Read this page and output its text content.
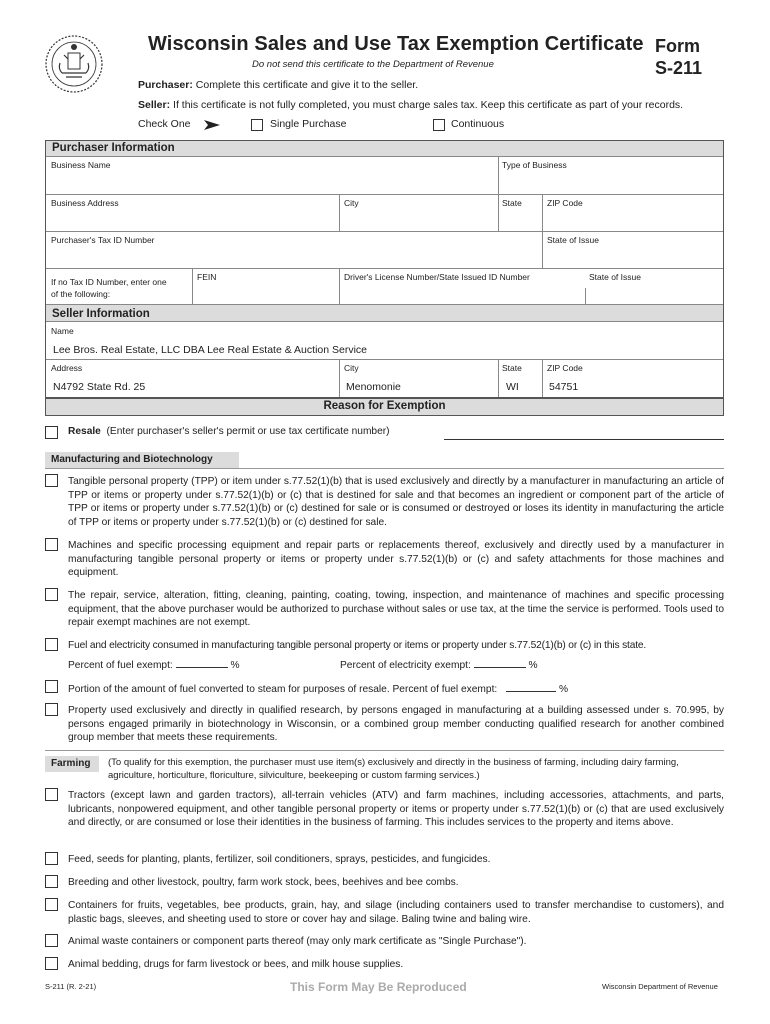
Wisconsin Sales and Use Tax Exemption Certificate
Do not send this certificate to the Department of Revenue
Form
S-211
Purchaser: Complete this certificate and give it to the seller.
Seller: If this certificate is not fully completed, you must charge sales tax. Keep this certificate as part of your records.
Check One	Single Purchase	Continuous
Purchaser Information
Business Name	Type of Business
Business Address	City	State	ZIP Code
Purchaser's Tax ID Number	State of Issue
If no Tax ID Number, enter one
of the following:
FEIN	Driver's License Number/State Issued ID Number	State of Issue
Seller Information
Name
Lee Bros. Real Estate, LLC DBA Lee Real Estate & Auction Service
Address	City	State	ZIP Code
N4792 State Rd. 25	Menomonie	WI	54751
Reason for Exemption
Resale (Enter purchaser's seller's permit or use tax certificate number)
Manufacturing and Biotechnology
Tangible personal property (TPP) or item under s.77.52(1)(b) that is used exclusively and directly by a manufacturer in manufacturing an article of TPP or items or property under s.77.52(1)(b) or (c) that is destined for sale and that becomes an ingredient or component part of the article of TPP or items or property under s.77.52(1)(b) or (c) destined for sale or is consumed or destroyed or loses its identity in manufacturing the article of TPP or items or property under s.77.52(1)(b) or (c) destined for sale.
Machines and specific processing equipment and repair parts or replacements thereof, exclusively and directly used by a manufacturer in manufacturing tangible personal property or items or property under s.77.52(1)(b) or (c) and safety attachments for those machines and equipment.
The repair, service, alteration, fitting, cleaning, painting, coating, towing, inspection, and maintenance of machines and specific processing equipment, that the above purchaser would be authorized to purchase without sales or use tax, at the time the service is performed. Tools used to repair exempt machines are not exempt.
Fuel and electricity consumed in manufacturing tangible personal property or items or property under s.77.52(1)(b) or (c) in this state.
Percent of fuel exempt:	%	Percent of electricity exempt:	%
Portion of the amount of fuel converted to steam for purposes of resale. Percent of fuel exempt:	%
Property used exclusively and directly in qualified research, by persons engaged in manufacturing at a building assessed under s. 70.995, by persons engaged primarily in biotechnology in Wisconsin, or a combined group member conducting qualified research for another combined group member that meets these requirements.
Farming	(To qualify for this exemption, the purchaser must use item(s) exclusively and directly in the business of farming, including dairy farming, agriculture, horticulture, floriculture, silviculture, beekeeping or custom farming services.)
Tractors (except lawn and garden tractors), all-terrain vehicles (ATV) and farm machines, including accessories, attachments, and parts, lubricants, nonpowered equipment, and other tangible personal property or items or property under s.77.52(1)(b) or (c) that are used exclusively and directly, or are consumed or lose their identities in the business of farming. This includes services to the property and items above.
Feed, seeds for planting, plants, fertilizer, soil conditioners, sprays, pesticides, and fungicides.
Breeding and other livestock, poultry, farm work stock, bees, beehives and bee combs.
Containers for fruits, vegetables, bee products, grain, hay, and silage (including containers used to transfer merchandise to customers), and plastic bags, sleeves, and sheeting used to store or cover hay and silage. Baling twine and baling wire.
Animal waste containers or component parts thereof (may only mark certificate as "Single Purchase").
Animal bedding, drugs for farm livestock or bees, and milk house supplies.
S-211 (R. 2-21)	This Form May Be Reproduced	Wisconsin Department of Revenue
